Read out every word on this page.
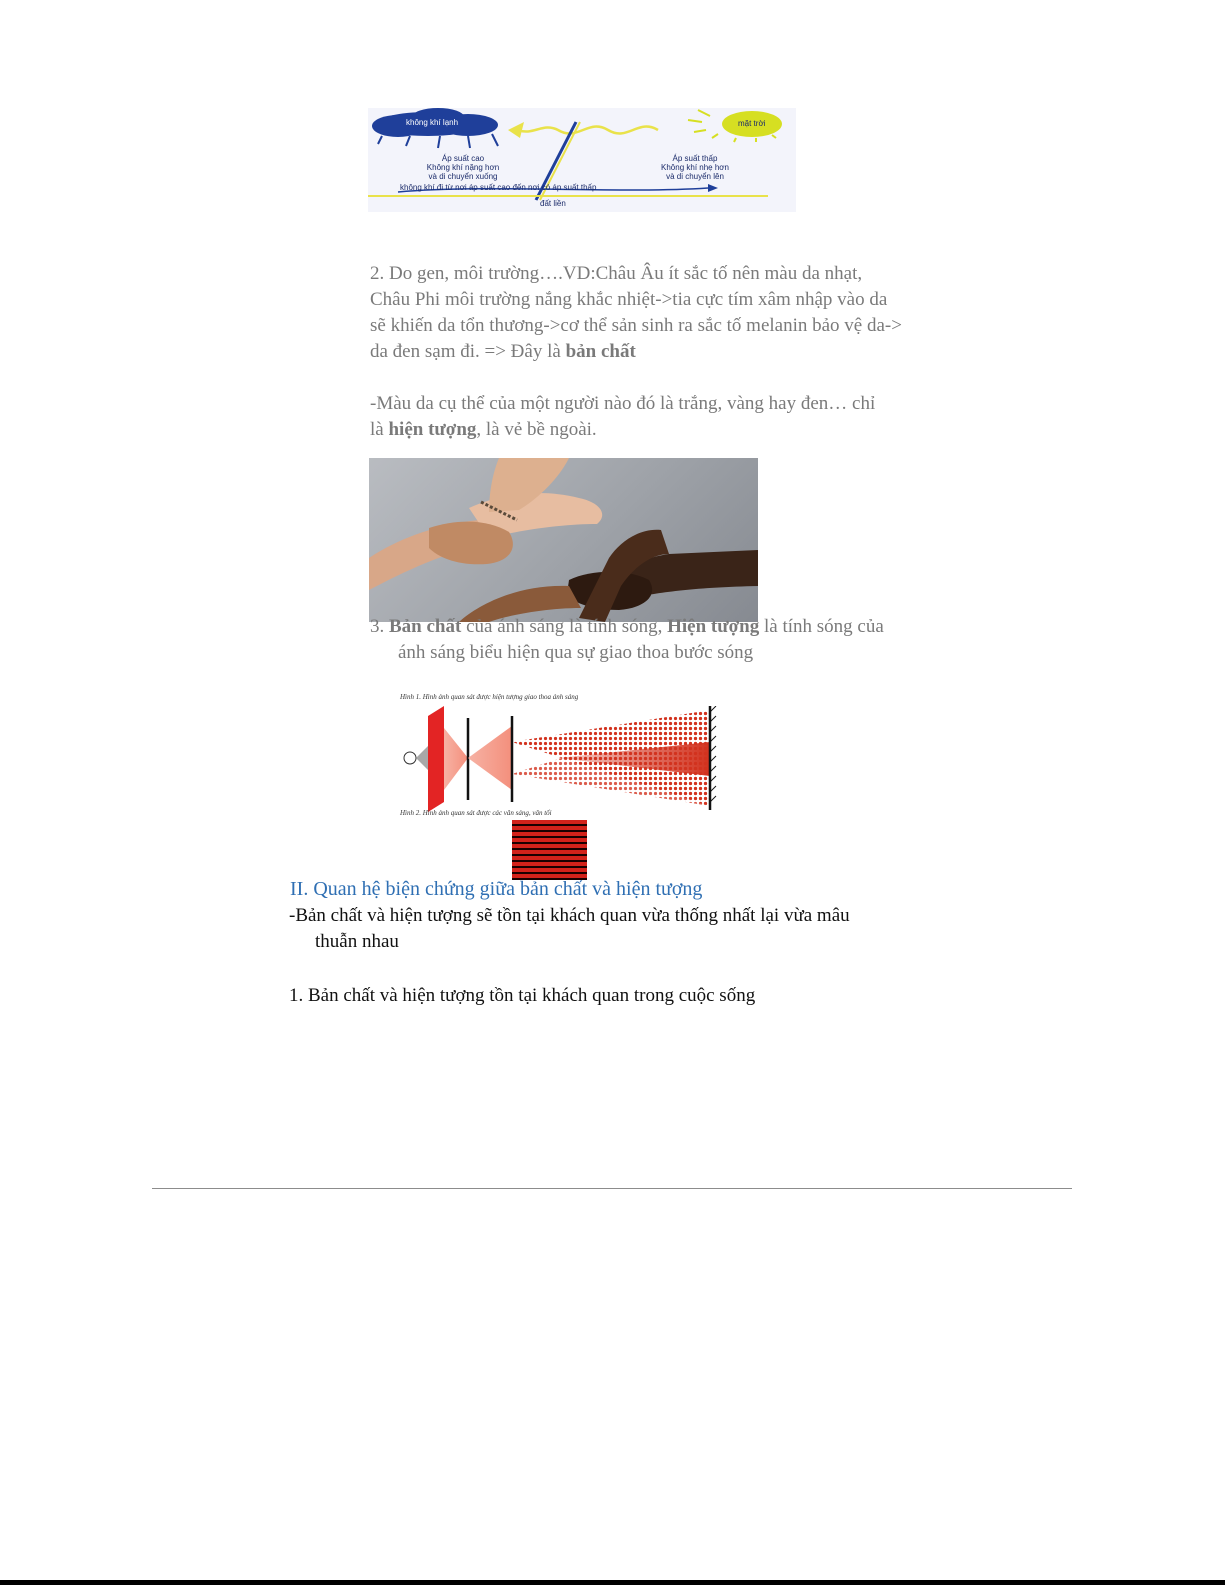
không khí lạnh	mặt trời
Áp suất cao
Không khí nặng hơn
và di chuyển xuống
Áp suất thấp
Không khí nhẹ hơn
và di chuyển lên
không khí đi từ nơi áp suất cao đến nơi có áp suất thấp
đất liền
2. Do gen, môi trường….VD:Châu Âu ít sắc tố nên màu da nhạt,
Châu Phi môi trường nắng khắc nhiệt->tia cực tím xâm nhập vào da
sẽ khiến da tổn thương->cơ thể sản sinh ra sắc tố melanin bảo vệ da->
da đen sạm đi. => Đây là bản chất
-Màu da cụ thể của một người nào đó là trắng, vàng hay đen… chỉ
là hiện tượng, là vẻ bề ngoài.
3. Bản chất của ánh sáng là tính sóng, Hiện tượng là tính sóng của
ánh sáng biểu hiện qua sự giao thoa bước sóng
Hình 1. Hình ảnh quan sát được hiện tượng giao thoa ánh sáng
Hình 2. Hình ảnh quan sát được các vân sáng, vân tối
II. Quan hệ biện chứng giữa bản chất và hiện tượng
-Bản chất và hiện tượng sẽ tồn tại khách quan vừa thống nhất lại vừa mâu
thuẫn nhau
1. Bản chất và hiện tượng tồn tại khách quan trong cuộc sống
